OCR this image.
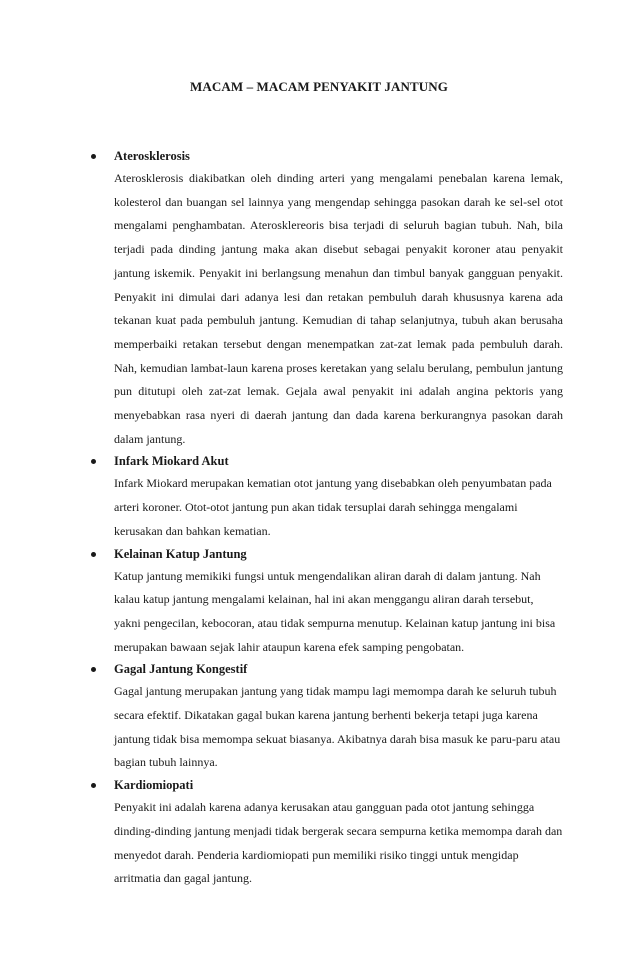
MACAM – MACAM PENYAKIT JANTUNG

Aterosklerosis

Aterosklerosis diakibatkan oleh dinding arteri yang mengalami penebalan karena lemak, kolesterol dan buangan sel lainnya yang mengendap sehingga pasokan darah ke sel-sel otot mengalami penghambatan. Aterosklereoris bisa terjadi di seluruh bagian tubuh. Nah, bila terjadi pada dinding jantung maka akan disebut sebagai penyakit koroner atau penyakit jantung iskemik. Penyakit ini berlangsung menahun dan timbul banyak gangguan penyakit. Penyakit ini dimulai dari adanya lesi dan retakan pembuluh darah khususnya karena ada tekanan kuat pada pembuluh jantung. Kemudian di tahap selanjutnya, tubuh akan berusaha memperbaiki retakan tersebut dengan menempatkan zat-zat lemak pada pembuluh darah. Nah, kemudian lambat-laun karena proses keretakan yang selalu berulang, pembulun jantung pun ditutupi oleh zat-zat lemak. Gejala awal penyakit ini adalah angina pektoris yang menyebabkan rasa nyeri di daerah jantung dan dada karena berkurangnya pasokan darah dalam jantung.

Infark Miokard Akut

Infark Miokard merupakan kematian otot jantung yang disebabkan oleh penyumbatan pada arteri koroner. Otot-otot jantung pun akan tidak tersuplai darah sehingga mengalami kerusakan dan bahkan kematian.

Kelainan Katup Jantung

Katup jantung memikiki fungsi untuk mengendalikan aliran darah di dalam jantung. Nah kalau katup jantung mengalami kelainan, hal ini akan menggangu aliran darah tersebut, yakni pengecilan, kebocoran, atau tidak sempurna menutup. Kelainan katup jantung ini bisa merupakan bawaan sejak lahir ataupun karena efek samping pengobatan.

Gagal Jantung Kongestif

Gagal jantung merupakan jantung yang tidak mampu lagi memompa darah ke seluruh tubuh secara efektif. Dikatakan gagal bukan karena jantung berhenti bekerja tetapi juga karena jantung tidak bisa memompa sekuat biasanya. Akibatnya darah bisa masuk ke paru-paru atau bagian tubuh lainnya.

Kardiomiopati

Penyakit ini adalah karena adanya kerusakan atau gangguan pada otot jantung sehingga dinding-dinding jantung menjadi tidak bergerak secara sempurna ketika memompa darah dan menyedot darah. Penderia kardiomiopati pun memiliki risiko tinggi untuk mengidap arritmatia dan gagal jantung.
